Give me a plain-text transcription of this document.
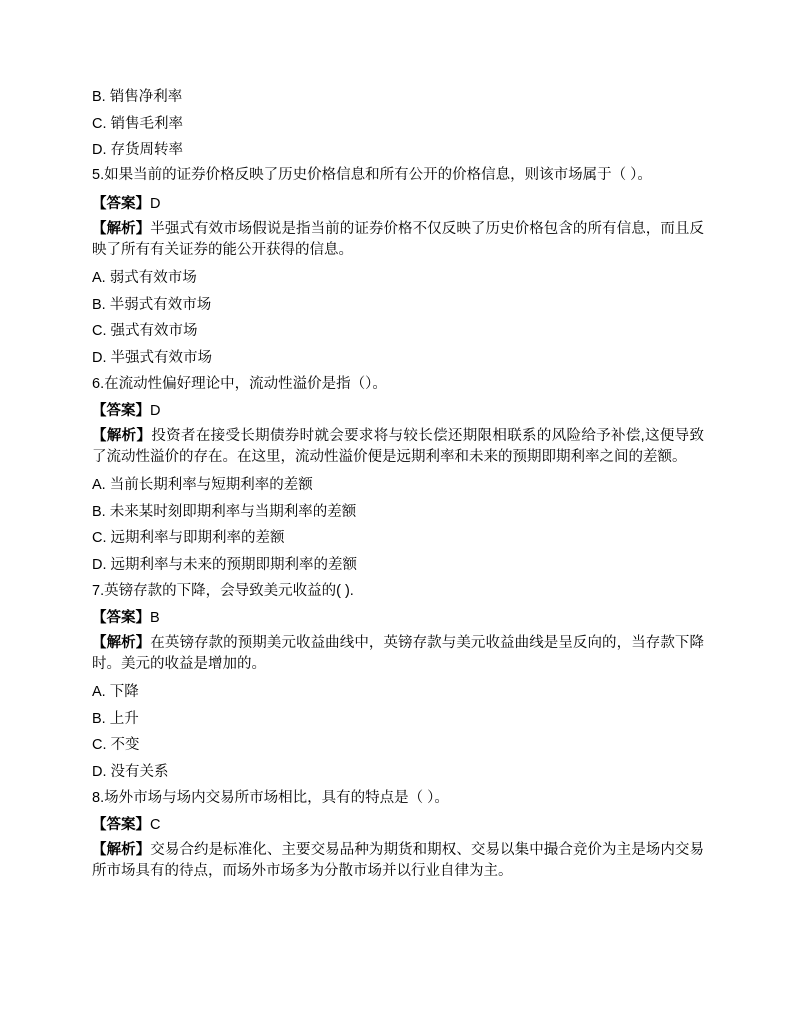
B. 销售净利率
C. 销售毛利率
D. 存货周转率
5.如果当前的证券价格反映了历史价格信息和所有公开的价格信息，则该市场属于（ ）。
【答案】D
【解析】半强式有效市场假说是指当前的证券价格不仅反映了历史价格包含的所有信息，而且反映了所有有关证券的能公开获得的信息。
A. 弱式有效市场
B. 半弱式有效市场
C. 强式有效市场
D. 半强式有效市场
6.在流动性偏好理论中，流动性溢价是指（）。
【答案】D
【解析】投资者在接受长期债券时就会要求将与较长偿还期限相联系的风险给予补偿,这便导致了流动性溢价的存在。在这里，流动性溢价便是远期利率和未来的预期即期利率之间的差额。
A. 当前长期利率与短期利率的差额
B. 未来某时刻即期利率与当期利率的差额
C. 远期利率与即期利率的差额
D. 远期利率与未来的预期即期利率的差额
7.英镑存款的下降，会导致美元收益的( ).
【答案】B
【解析】在英镑存款的预期美元收益曲线中，英镑存款与美元收益曲线是呈反向的，当存款下降时。美元的收益是增加的。
A. 下降
B. 上升
C. 不变
D. 没有关系
8.场外市场与场内交易所市场相比，具有的特点是（ ）。
【答案】C
【解析】交易合约是标准化、主要交易品种为期货和期权、交易以集中撮合竞价为主是场内交易所市场具有的待点，而场外市场多为分散市场并以行业自律为主。
